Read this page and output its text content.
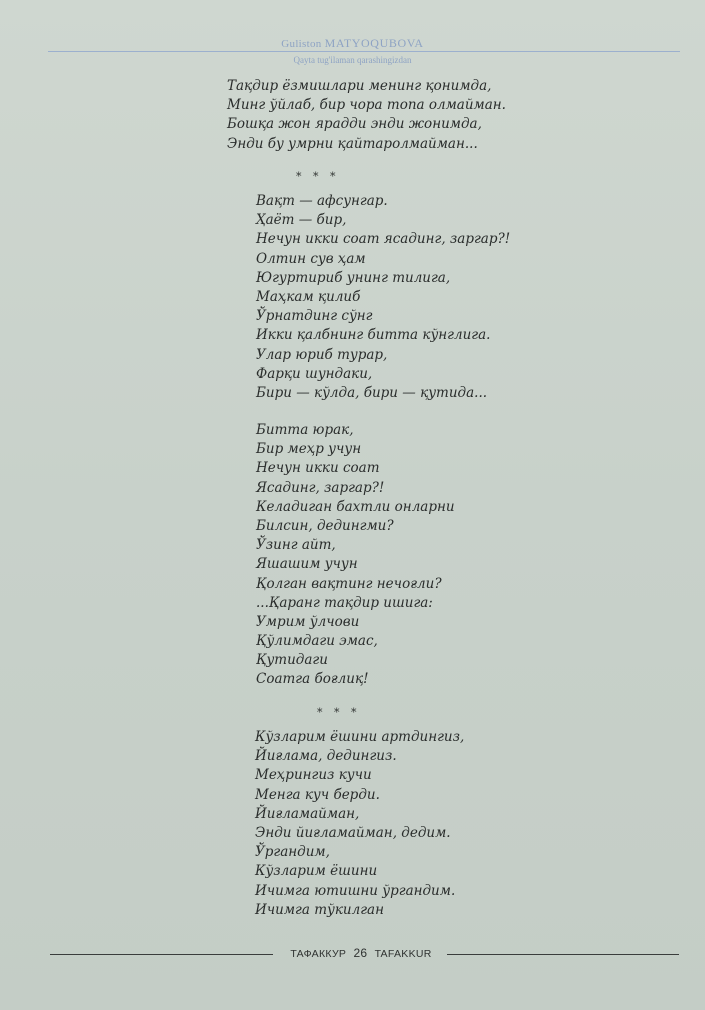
Guliston MATYOQUBOVA
Qayta tug'ilaman qarashingizdan
Тақдир ёзмишлари менинг қонимда,
Минг ўйлаб, бир чора топа олмайман.
Бошқа жон ярадди энди жонимда,
Энди бу умрни қайтаролмайман...
* * *
Вақт — афсунгар.
Ҳаёт — бир,
Нечун икки соат ясадинг, заргар?!
Олтин сув ҳам
Югуртириб унинг тилига,
Маҳкам қилиб
Ўрнатдинг сўнг
Икки қалбнинг битта кўнглига.
Улар юриб турар,
Фарқи шундаки,
Бири — кўлда, бири — қутида...
Битта юрак,
Бир меҳр учун
Нечун икки соат
Ясадинг, заргар?!
Келадиган бахтли онларни
Билсин, дедингми?
Ўзинг айт,
Яшашим учун
Қолган вақтинг нечоғли?
...Қаранг тақдир ишига:
Умрим ўлчови
Қўлимдаги эмас,
Қутидаги
Соатга боғлиқ!
* * *
Кўзларим ёшини артдингиз,
Йиғлама, дедингиз.
Меҳрингиз кучи
Менга куч берди.
Йиғламайман,
Энди йиғламайман, дедим.
Ўргандим,
Кўзларим ёшини
Ичимга ютишни ўргандим.
Ичимга тўкилган
ТАФАККУР 26 TAFAKKUR
